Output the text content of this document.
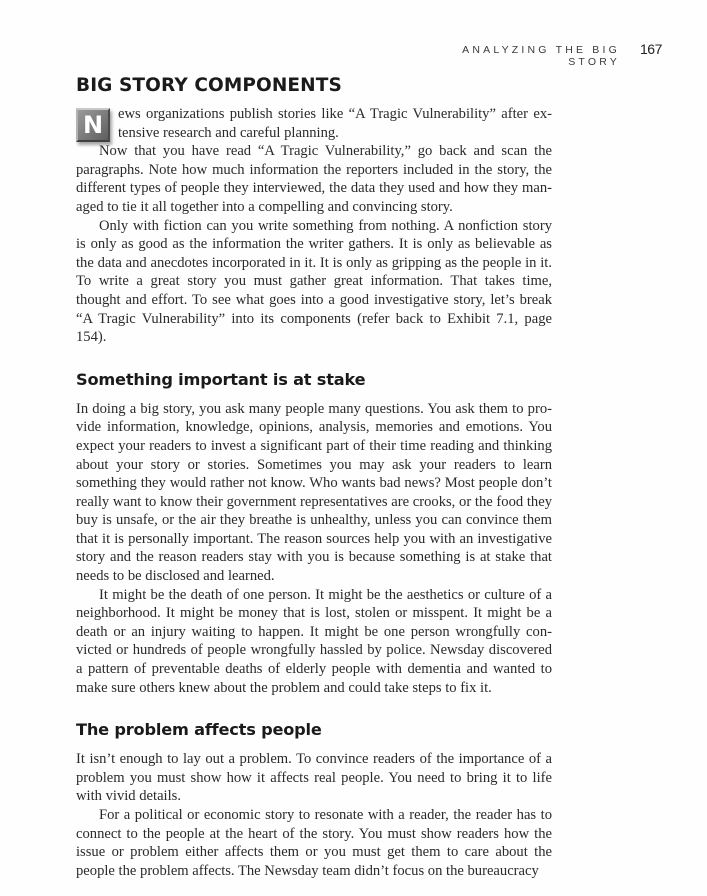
ANALYZING THE BIG STORY
167
BIG STORY COMPONENTS

N	ews organizations publish stories like “A Tragic Vulnerability” after extensive research and careful planning.

Now that you have read “A Tragic Vulnerability,” go back and scan the paragraphs. Note how much information the reporters included in the story, the different types of people they interviewed, the data they used and how they managed to tie it all together into a compelling and convincing story.

Only with fiction can you write something from nothing. A nonfiction story is only as good as the information the writer gathers. It is only as believable as the data and anecdotes incorporated in it. It is only as gripping as the people in it. To write a great story you must gather great information. That takes time, thought and effort. To see what goes into a good investigative story, let’s break “A Tragic Vulnerability” into its components (refer back to Exhibit 7.1, page 154).

Something important is at stake

In doing a big story, you ask many people many questions. You ask them to provide information, knowledge, opinions, analysis, memories and emotions. You expect your readers to invest a significant part of their time reading and thinking about your story or stories. Sometimes you may ask your readers to learn something they would rather not know. Who wants bad news? Most people don’t really want to know their government representatives are crooks, or the food they buy is unsafe, or the air they breathe is unhealthy, unless you can convince them that it is personally important. The reason sources help you with an investigative story and the reason readers stay with you is because something is at stake that needs to be disclosed and learned.

It might be the death of one person. It might be the aesthetics or culture of a neighborhood. It might be money that is lost, stolen or misspent. It might be a death or an injury waiting to happen. It might be one person wrongfully convicted or hundreds of people wrongfully hassled by police. Newsday discovered a pattern of preventable deaths of elderly people with dementia and wanted to make sure others knew about the problem and could take steps to fix it.

The problem affects people

It isn’t enough to lay out a problem. To convince readers of the importance of a problem you must show how it affects real people. You need to bring it to life with vivid details.

For a political or economic story to resonate with a reader, the reader has to connect to the people at the heart of the story. You must show readers how the issue or problem either affects them or you must get them to care about the people the problem affects. The Newsday team didn’t focus on the bureaucracy
